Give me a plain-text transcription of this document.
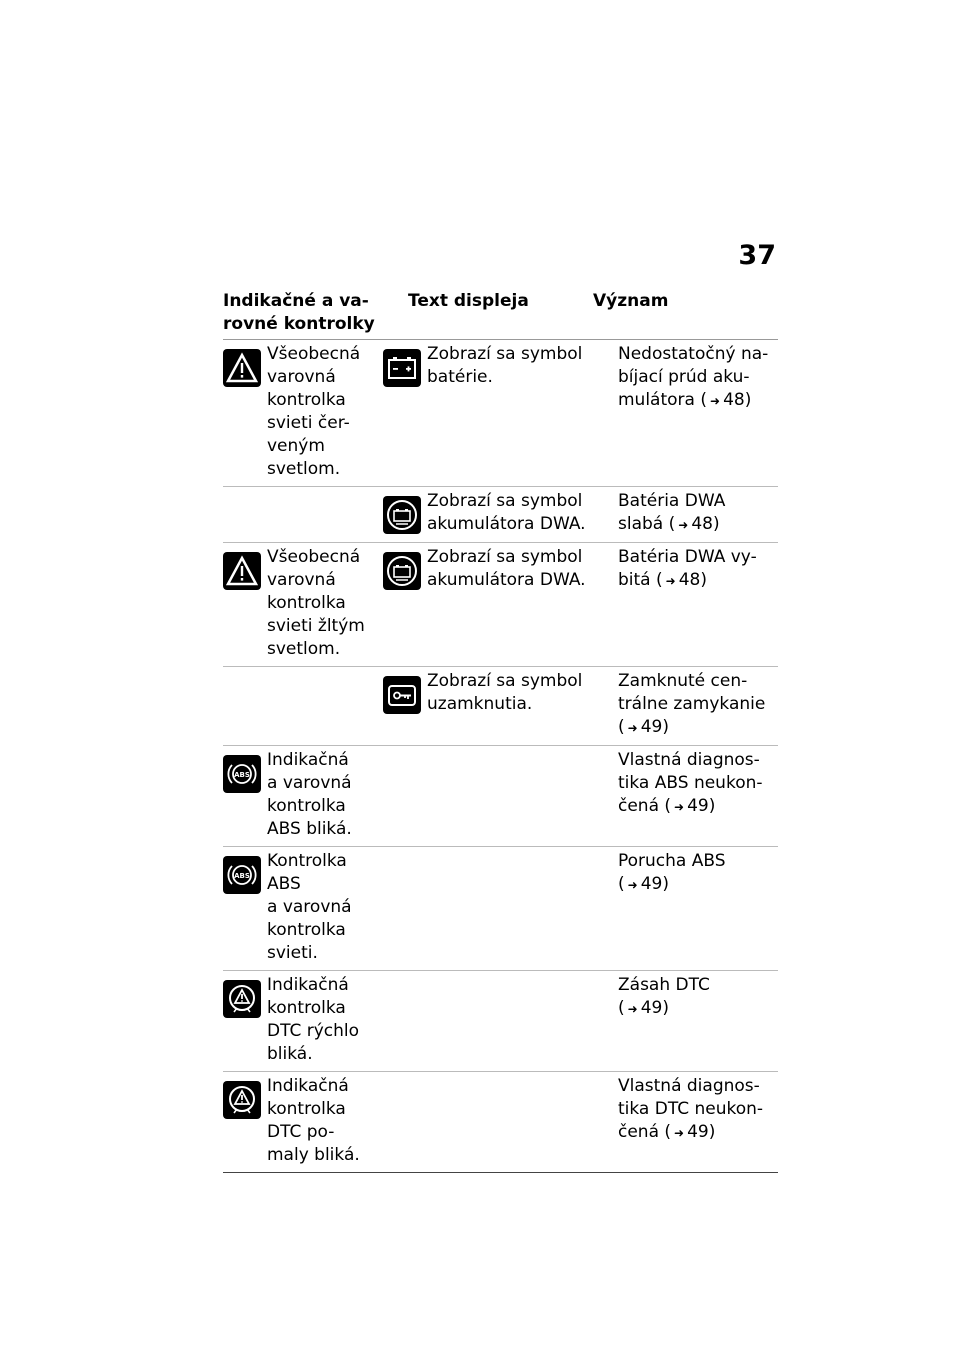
37
Indikačné a va-
rovné kontrolky
Text displeja	Význam
Všeobecná
varovná
kontrolka
svieti čer-
veným
svetlom.
Zobrazí sa symbol
batérie.
Nedostatočný na-
bíjací prúd aku-
mulátora ( ➜ 48)
Zobrazí sa symbol
akumulátora DWA.
Batéria DWA
slabá ( ➜ 48)
Všeobecná
varovná
kontrolka
svieti žltým
svetlom.
Zobrazí sa symbol
akumulátora DWA.
Batéria DWA vy-
bitá ( ➜ 48)
Zobrazí sa symbol
uzamknutia.
Zamknuté cen-
trálne zamykanie
( ➜ 49)
ABS
Indikačná
a varovná
kontrolka
ABS bliká.
Vlastná diagnos-
tika ABS neukon-
čená ( ➜ 49)
ABS
Kontrolka
ABS
a varovná
kontrolka
svieti.
Porucha ABS
( ➜ 49)
Indikačná
kontrolka
DTC rýchlo
bliká.
Zásah DTC
( ➜ 49)
Indikačná
kontrolka
DTC po-
maly bliká.
Vlastná diagnos-
tika DTC neukon-
čená ( ➜ 49)
